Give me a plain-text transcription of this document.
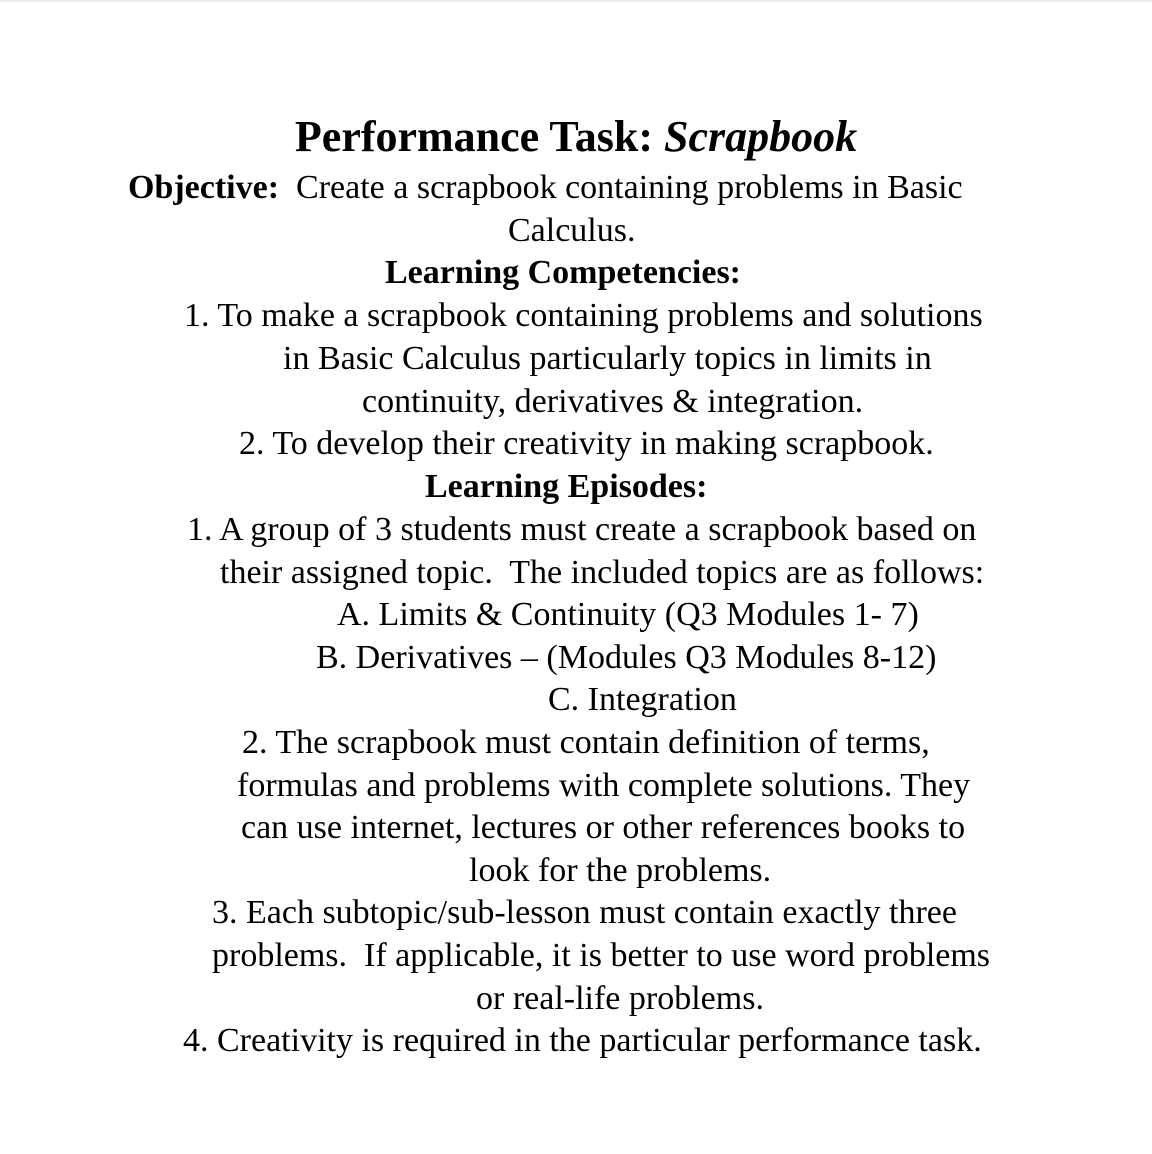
Performance Task: Scrapbook
Objective:  Create a scrapbook containing problems in Basic
Calculus.
Learning Competencies:
1. To make a scrapbook containing problems and solutions
in Basic Calculus particularly topics in limits in
continuity, derivatives & integration.
2. To develop their creativity in making scrapbook.
Learning Episodes:
1. A group of 3 students must create a scrapbook based on
their assigned topic.  The included topics are as follows:
A. Limits & Continuity (Q3 Modules 1- 7)
B. Derivatives – (Modules Q3 Modules 8-12)
C. Integration
2. The scrapbook must contain definition of terms,
formulas and problems with complete solutions. They
can use internet, lectures or other references books to
look for the problems.
3. Each subtopic/sub-lesson must contain exactly three
problems.  If applicable, it is better to use word problems
or real-life problems.
4. Creativity is required in the particular performance task.
